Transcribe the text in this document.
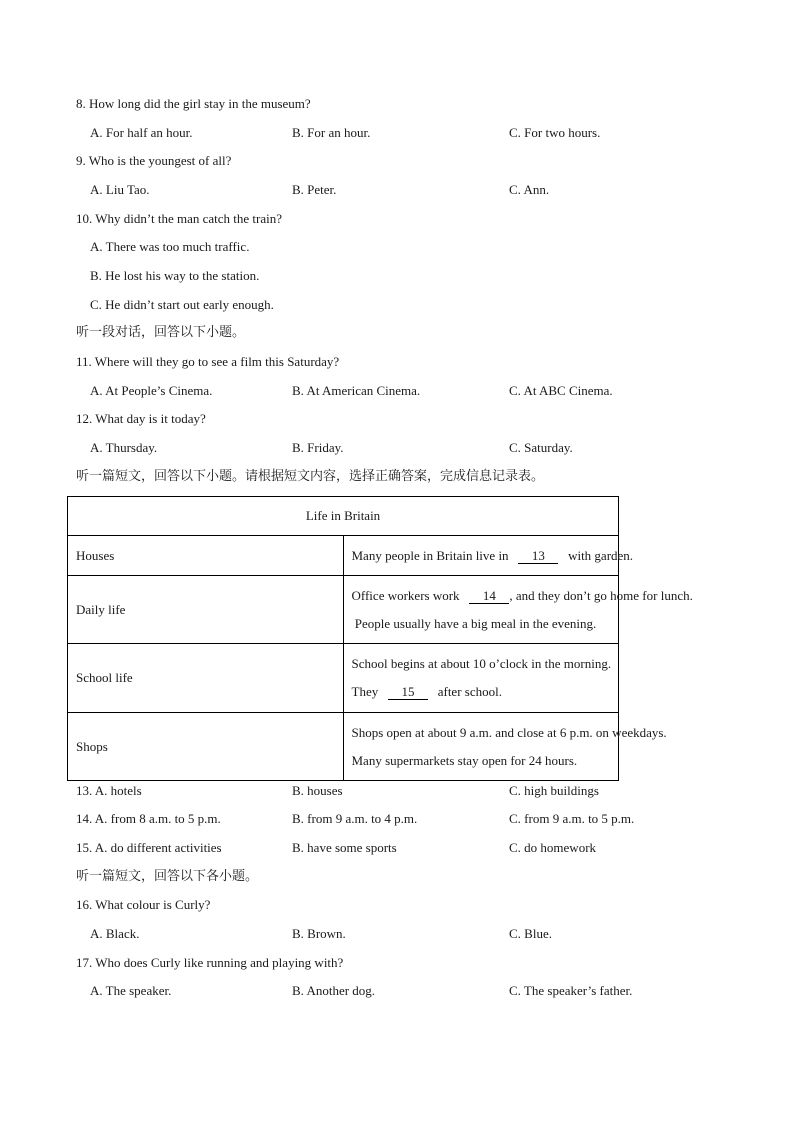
8. How long did the girl stay in the museum?
A. For half an hour.	B. For an hour.	C. For two hours.
9. Who is the youngest of all?
A. Liu Tao.	B. Peter.	C. Ann.
10. Why didn’t the man catch the train?
A. There was too much traffic.
B. He lost his way to the station.
C. He didn’t start out early enough.
听一段对话，回答以下小题。
11. Where will they go to see a film this Saturday?
A. At People’s Cinema.	B. At American Cinema.	C. At ABC Cinema.
12. What day is it today?
A. Thursday.	B. Friday.	C. Saturday.
听一篇短文，回答以下小题。请根据短文内容，选择正确答案，完成信息记录表。
Life in Britain	
Houses	Many people in Britain live in 13 with garden.

Daily life	Office workers work 14 , and they don’t go home for lunch.

People usually have a big meal in the evening.

School life	School begins at about 10 o’clock in the morning.

They 15 after school.

Shops	Shops open at about 9 a.m. and close at 6 p.m. on weekdays.

Many supermarkets stay open for 24 hours.

13. A. hotels	B. houses	C. high buildings
14. A. from 8 a.m. to 5 p.m.	B. from 9 a.m. to 4 p.m.	C. from 9 a.m. to 5 p.m.
15. A. do different activities	B. have some sports	C. do homework
听一篇短文，回答以下各小题。
16. What colour is Curly?
A. Black.	B. Brown.	C. Blue.
17. Who does Curly like running and playing with?
A. The speaker.	B. Another dog.	C. The speaker’s father.
